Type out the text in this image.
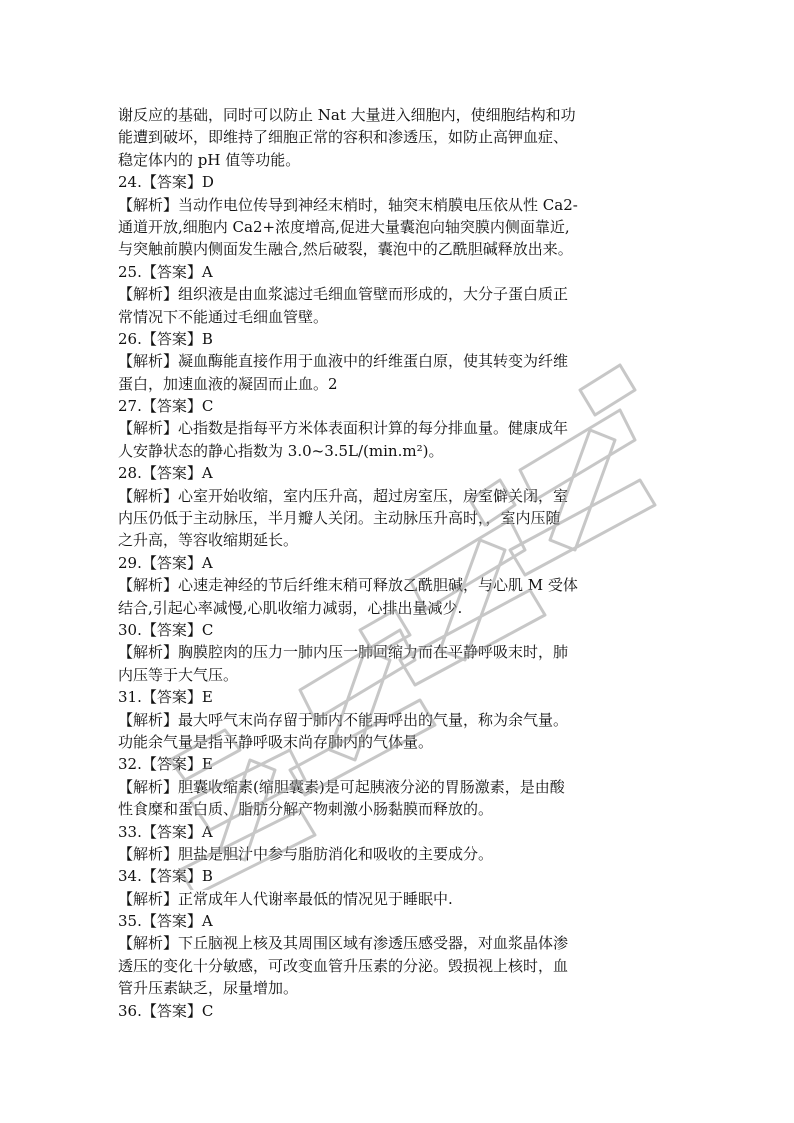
谢反应的基础，同时可以防止 Nat 大量进入细胞内，使细胞结构和功
能遭到破坏，即维持了细胞正常的容积和渗透压，如防止高钾血症、
稳定体内的 pH 值等功能。
24.【答案】D
【解析】当动作电位传导到神经末梢时，轴突末梢膜电压依从性 Ca2-
通道开放,细胞内 Ca2+浓度增高,促进大量囊泡向轴突膜内侧面靠近,
与突触前膜内侧面发生融合,然后破裂，囊泡中的乙酰胆碱释放出来。
25.【答案】A
【解析】组织液是由血浆滤过毛细血管壁而形成的，大分子蛋白质正
常情况下不能通过毛细血管壁。
26.【答案】B
【解析】凝血酶能直接作用于血液中的纤维蛋白原，使其转变为纤维
蛋白，加速血液的凝固而止血。2
27.【答案】C
【解析】心指数是指每平方米体表面积计算的每分排血量。健康成年
人安静状态的静心指数为 3.0~3.5L/(min.m²)。
28.【答案】A
【解析】心室开始收缩，室内压升高，超过房室压，房室僻关闭，室
内压仍低于主动脉压，半月瓣人关闭。主动脉压升高时，，室内压随
之升高，等容收缩期延长。
29.【答案】A
【解析】心速走神经的节后纤维末稍可释放乙酰胆碱，与心肌 M 受体
结合,引起心率减慢,心肌收缩力减弱，心排出量减少.
30.【答案】C
【解析】胸膜腔肉的压力一肺内压一肺回缩力而在平静呼吸末时，肺
内压等于大气压。
31.【答案】E
【解析】最大呼气末尚存留于肺内不能再呼出的气量，称为余气量。
功能余气量是指平静呼吸末尚存肺内的气体量。
32.【答案】E
【解析】胆囊收缩素(缩胆囊素)是可起胰液分泌的胃肠激素，是由酸
性食糜和蛋白质、脂肪分解产物刺激小肠黏膜而释放的。
33.【答案】A
【解析】胆盐是胆汁中参与脂肪消化和吸收的主要成分。
34.【答案】B
【解析】正常成年人代谢率最低的情况见于睡眠中.
35.【答案】A
【解析】下丘脑视上核及其周围区域有渗透压感受器，对血浆晶体渗
透压的变化十分敏感，可改变血管升压素的分泌。毁损视上核时，血
管升压素缺乏，尿量增加。
36.【答案】C
